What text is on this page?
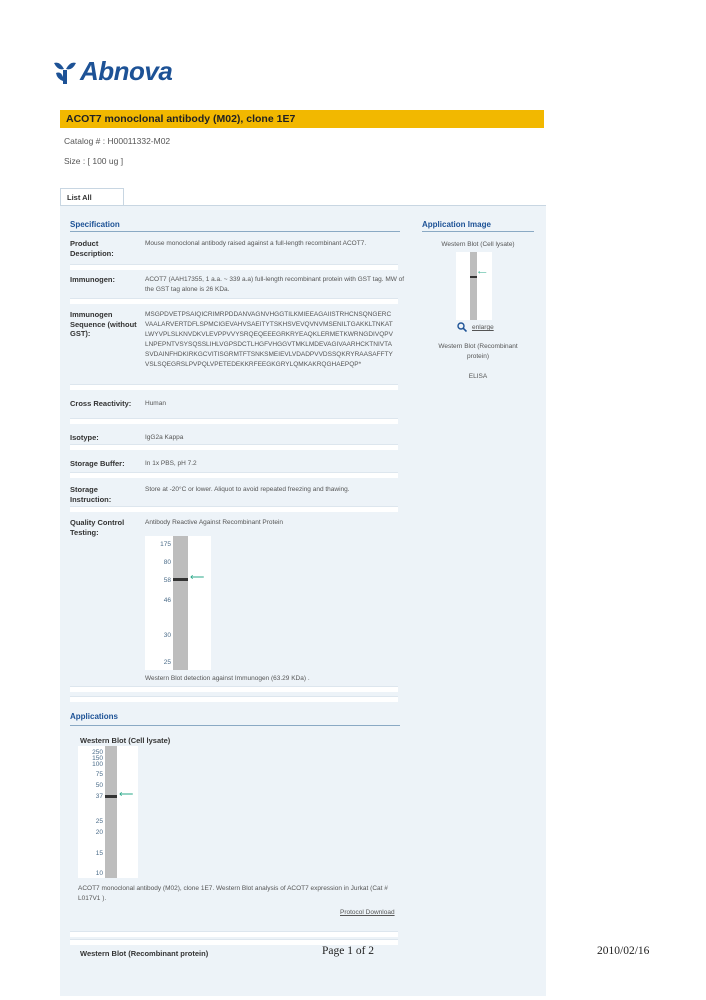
Abnova
ACOT7 monoclonal antibody (M02), clone 1E7
Catalog # : H00011332-M02
Size : [ 100 ug ]
List All
Specification
Product Description:
Mouse monoclonal antibody raised against a full-length recombinant ACOT7.
Immunogen:	ACOT7 (AAH17355, 1 a.a. ~ 339 a.a) full-length recombinant protein with GST tag. MW of the GST tag alone is 26 KDa.
Immunogen Sequence (without GST):
MSGPDVETPSAIQICRIMRPDDANVAGNVHGGTILKMIEEAGAIISTRHCNSQNGERCVAALARVERTDFLSPMCIGEVAHVSAEITYTSKHSVEVQVNVMSENILTGAKKLTNKATLWYVPLSLKNVDKVLEVPPVVYSRQEQEEEGRKRYEAQKLERMETKWRNGDIVQPVLNPEPNTVSYSQSSLIHLVGPSDCTLHGFVHGGVTMKLMDEVAGIVAARHCKTNIVTASVDAINFHDKIRKGCVITISGRMTFTSNKSMEIEVLVDADPVVDSSQKRYRAASAFFTYVSLSQEGRSLPVPQLVPETEDEKKRFEEGKGRYLQMKAKRQGHAEPQP*
Cross Reactivity:	Human
Isotype:	IgG2a Kappa
Storage Buffer:	In 1x PBS, pH 7.2
Storage Instruction:
Store at -20°C or lower. Aliquot to avoid repeated freezing and thawing.
Quality Control Testing:
Antibody Reactive Against Recombinant Protein
175
80
58
46
30
25
⟵
Western Blot detection against Immunogen (63.29 KDa) .
Application Image
Western Blot (Cell lysate)
⟵
enlarge
Western Blot (Recombinant protein)
ELISA
Applications
Western Blot (Cell lysate)
250
150
100
75
50
37
25
20
15
10
⟵
ACOT7 monoclonal antibody (M02), clone 1E7. Western Blot analysis of ACOT7 expression in Jurkat (Cat # L017V1 ).
Protocol Download
Western Blot (Recombinant protein)	Page 1 of 2	2010/02/16
